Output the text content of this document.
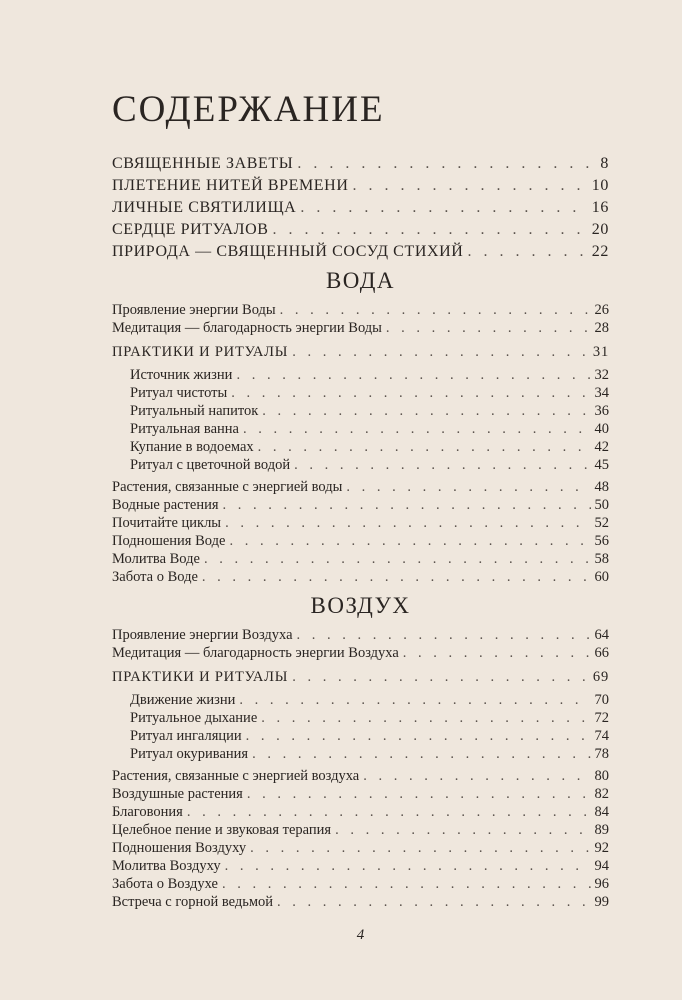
СОДЕРЖАНИЕ
СВЯЩЕННЫЕ ЗАВЕТЫ . . .	8
ПЛЕТЕНИЕ НИТЕЙ ВРЕМЕНИ . . .	10
ЛИЧНЫЕ СВЯТИЛИЩА . . .	16
СЕРДЦЕ РИТУАЛОВ . . .	20
ПРИРОДА — СВЯЩЕННЫЙ СОСУД СТИХИЙ . . .	22
ВОДА
Проявление энергии Воды . . .	26
Медитация — благодарность энергии Воды . . .	28
ПРАКТИКИ И РИТУАЛЫ . . .	31
Источник жизни . . .	32
Ритуал чистоты . . .	34
Ритуальный напиток . . .	36
Ритуальная ванна . . .	40
Купание в водоемах . . .	42
Ритуал с цветочной водой . . .	45
Растения, связанные с энергией воды . . .	48
Водные растения . . .	50
Почитайте циклы . . .	52
Подношения Воде . . .	56
Молитва Воде . . .	58
Забота о Воде . . .	60
ВОЗДУХ
Проявление энергии Воздуха . . .	64
Медитация — благодарность энергии Воздуха . . .	66
ПРАКТИКИ И РИТУАЛЫ . . .	69
Движение жизни . . .	70
Ритуальное дыхание . . .	72
Ритуал ингаляции . . .	74
Ритуал окуривания . . .	78
Растения, связанные с энергией воздуха . . .	80
Воздушные растения . . .	82
Благовония . . .	84
Целебное пение и звуковая терапия . . .	89
Подношения Воздуху . . .	92
Молитва Воздуху . . .	94
Забота о Воздухе . . .	96
Встреча с горной ведьмой . . .	99
4
